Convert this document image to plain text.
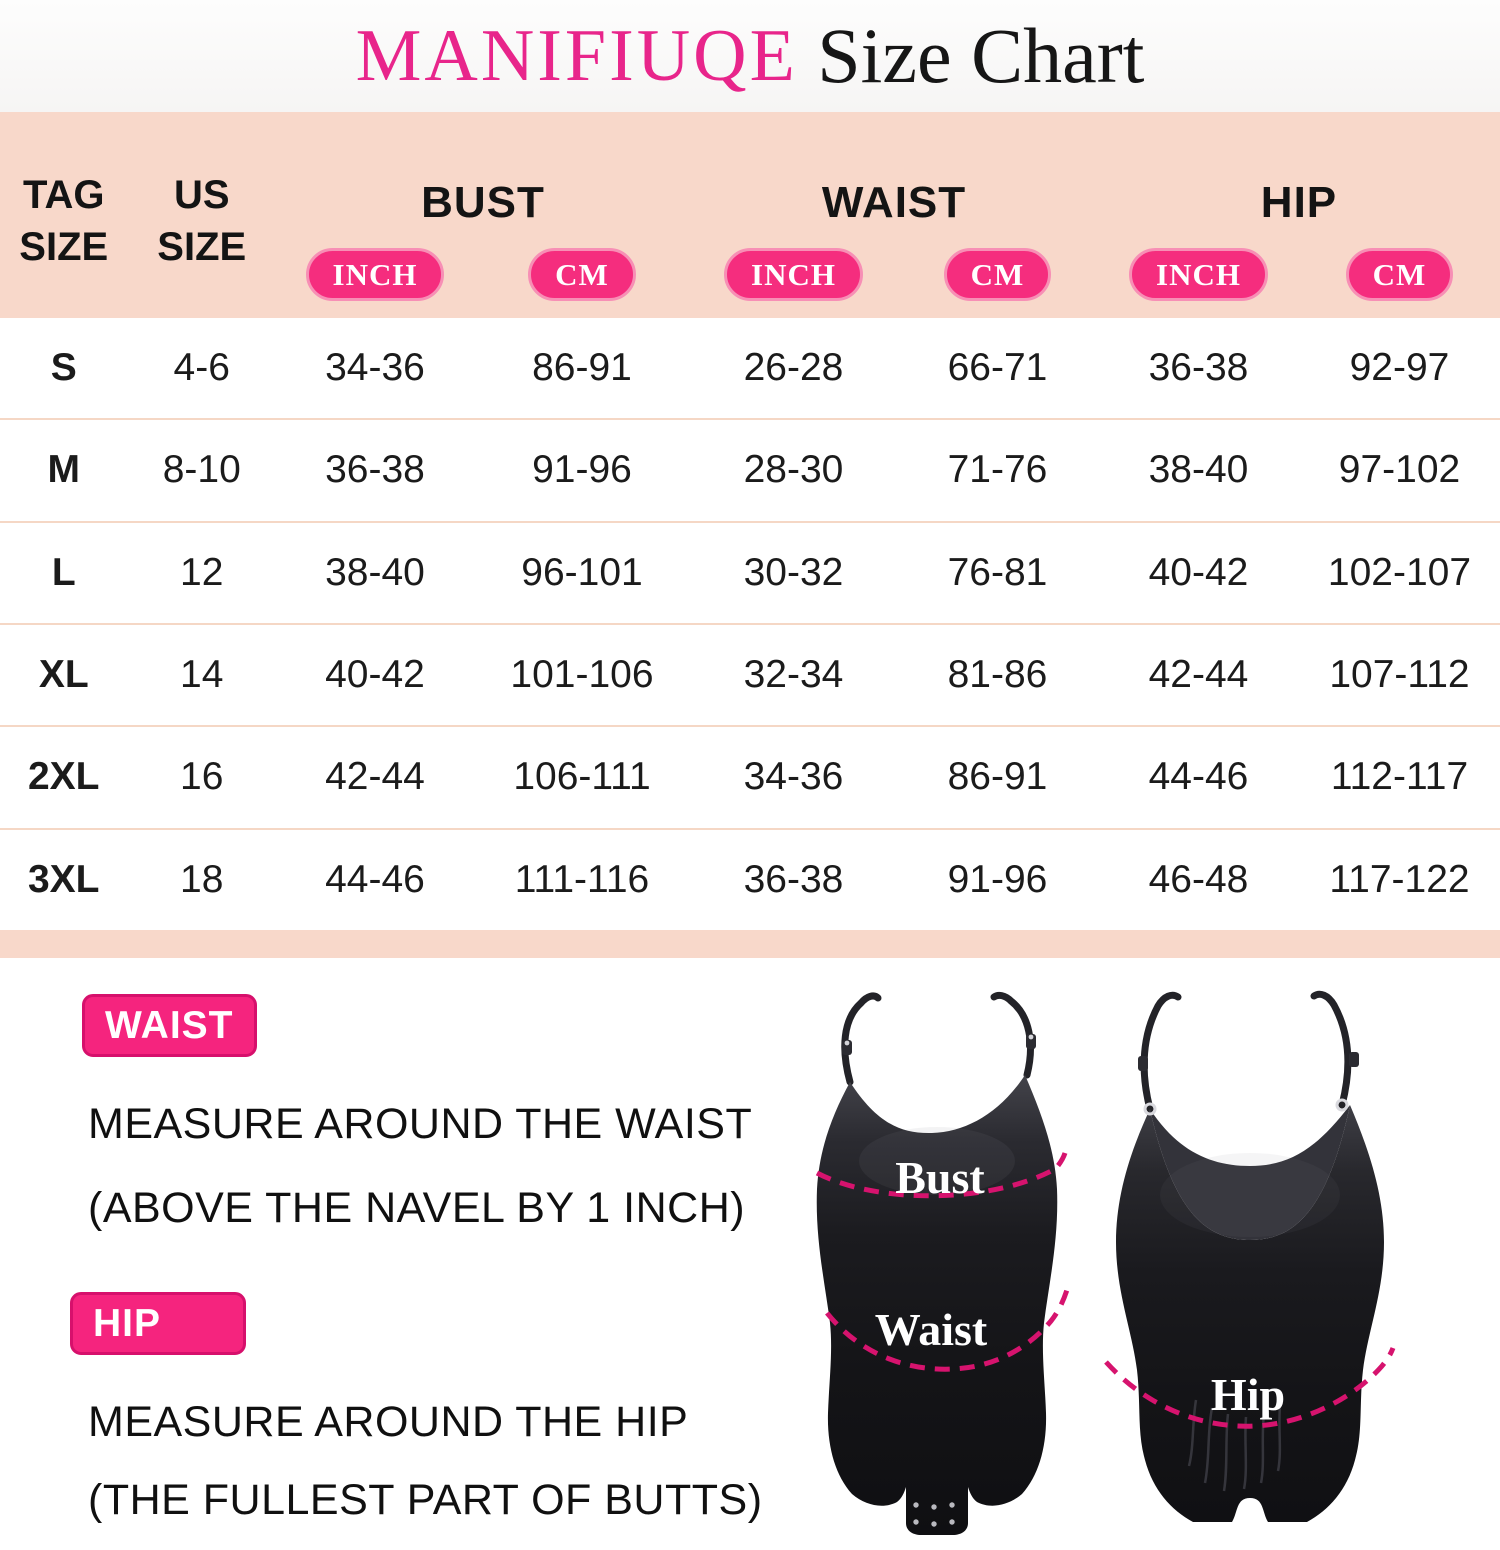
MANIFIUQE Size Chart
TAG
SIZE
US
SIZE
BUST	WAIST	HIP
INCH	CM	INCH	CM	INCH	CM
S	4-6	34-36	86-91	26-28	66-71	36-38	92-97
M	8-10	36-38	91-96	28-30	71-76	38-40	97-102
L	12	38-40	96-101	30-32	76-81	40-42	102-107
XL	14	40-42	101-106	32-34	81-86	42-44	107-112
2XL	16	42-44	106-111	34-36	86-91	44-46	112-117
3XL	18	44-46	111-116	36-38	91-96	46-48	117-122
WAIST
MEASURE AROUND THE WAIST
(ABOVE THE NAVEL BY 1 INCH)
HIP
MEASURE AROUND THE HIP
(THE FULLEST PART OF BUTTS)
Bust
Waist
Hip
